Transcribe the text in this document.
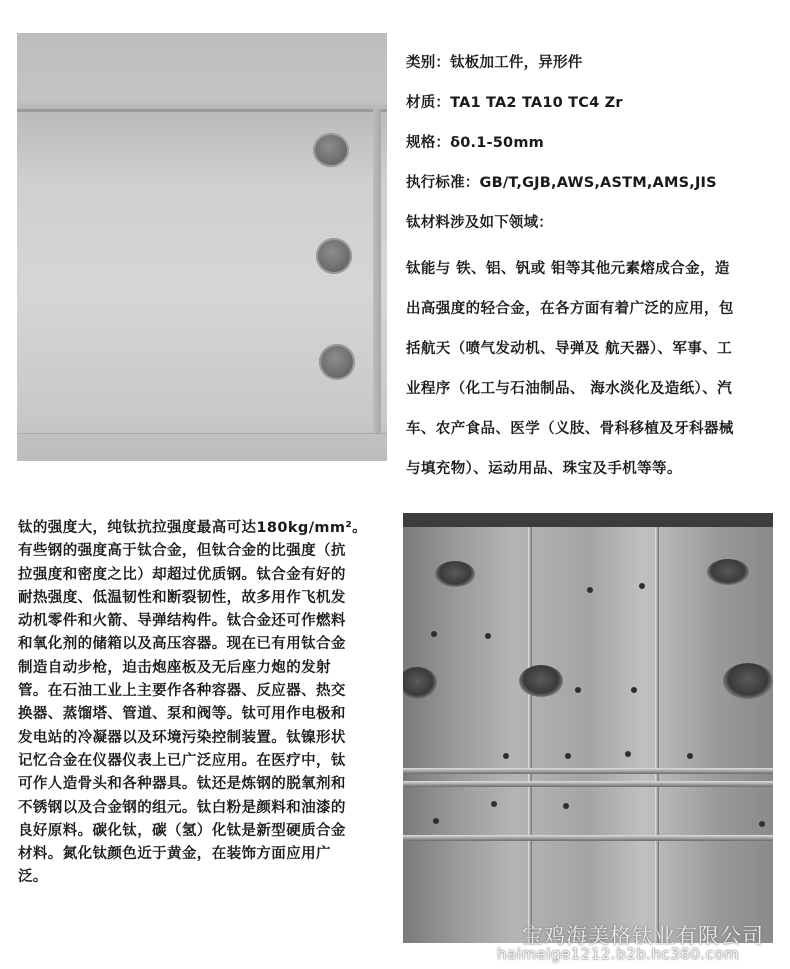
类别：钛板加工件，异形件
材质：TA1 TA2 TA10 TC4 Zr
规格：δ0.1-50mm
执行标准：GB/T,GJB,AWS,ASTM,AMS,JIS
钛材料涉及如下领域：
钛能与 铁、铝、钒或 钼等其他元素熔成合金，造
出高强度的轻合金，在各方面有着广泛的应用，包
括航天（喷气发动机、导弹及 航天器）、军事、工
业程序（化工与石油制品、 海水淡化及造纸）、汽
车、农产食品、医学（义肢、骨科移植及牙科器械
与填充物）、运动用品、珠宝及手机等等。
钛的强度大，纯钛抗拉强度最高可达180kg/mm²。
有些钢的强度高于钛合金，但钛合金的比强度（抗
拉强度和密度之比）却超过优质钢。钛合金有好的
耐热强度、低温韧性和断裂韧性，故多用作飞机发
动机零件和火箭、导弹结构件。钛合金还可作燃料
和氧化剂的储箱以及高压容器。现在已有用钛合金
制造自动步枪，迫击炮座板及无后座力炮的发射
管。在石油工业上主要作各种容器、反应器、热交
换器、蒸馏塔、管道、泵和阀等。钛可用作电极和
发电站的冷凝器以及环境污染控制装置。钛镍形状
记忆合金在仪器仪表上已广泛应用。在医疗中，钛
可作人造骨头和各种器具。钛还是炼钢的脱氧剂和
不锈钢以及合金钢的组元。钛白粉是颜料和油漆的
良好原料。碳化钛，碳（氢）化钛是新型硬质合金
材料。氮化钛颜色近于黄金，在装饰方面应用广
泛。
宝鸡海美格钛业有限公司
haimeige1212.b2b.hc360.com
